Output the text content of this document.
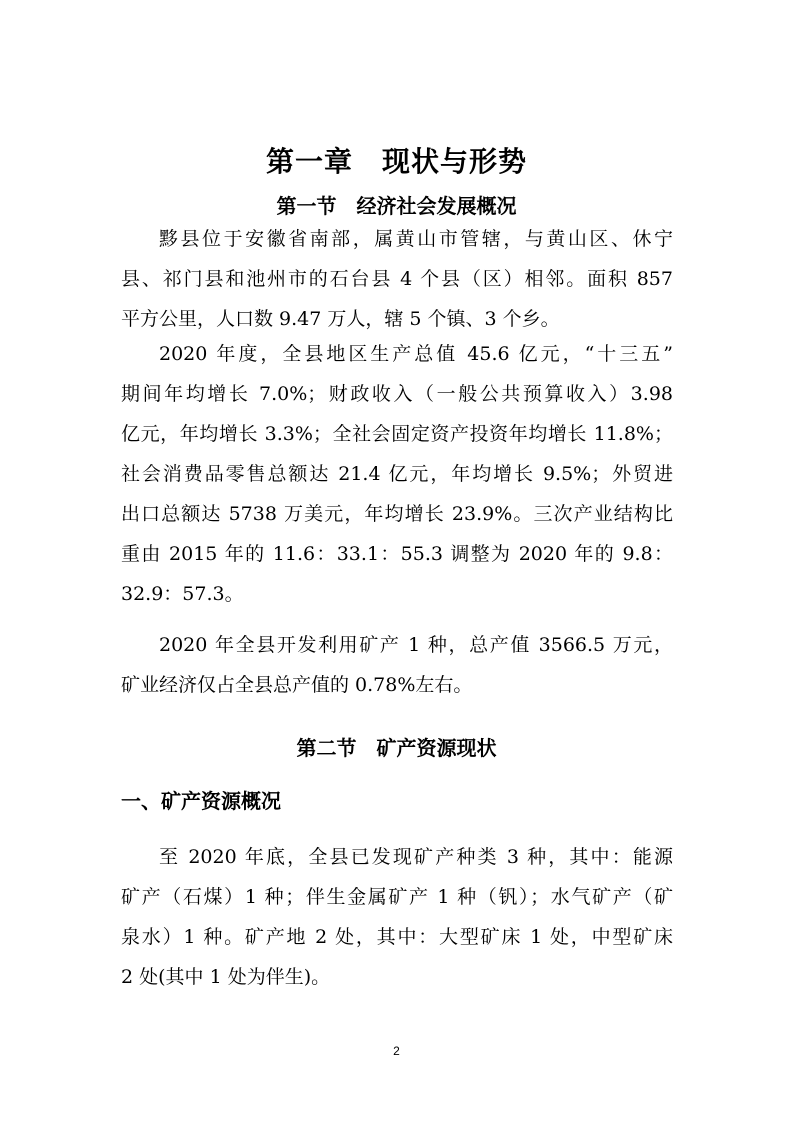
第一章　现状与形势
第一节　经济社会发展概况
黟县位于安徽省南部，属黄山市管辖，与黄山区、休宁
县、祁门县和池州市的石台县 4 个县（区）相邻。面积 857
平方公里，人口数 9.47 万人，辖 5 个镇、3 个乡。
2020 年度，全县地区生产总值 45.6 亿元，“十三五”
期间年均增长 7.0%；财政收入（一般公共预算收入）3.98
亿元，年均增长 3.3%；全社会固定资产投资年均增长 11.8%；
社会消费品零售总额达 21.4 亿元，年均增长 9.5%；外贸进
出口总额达 5738 万美元，年均增长 23.9%。三次产业结构比
重由 2015 年的 11.6：33.1：55.3 调整为 2020 年的 9.8：
32.9：57.3。
2020 年全县开发利用矿产 1 种，总产值 3566.5 万元，
矿业经济仅占全县总产值的 0.78%左右。
第二节　矿产资源现状
一、矿产资源概况
至 2020 年底，全县已发现矿产种类 3 种，其中：能源
矿产（石煤）1 种；伴生金属矿产 1 种（钒）；水气矿产（矿
泉水）1 种。矿产地 2 处，其中：大型矿床 1 处，中型矿床
2 处(其中 1 处为伴生)。
2
